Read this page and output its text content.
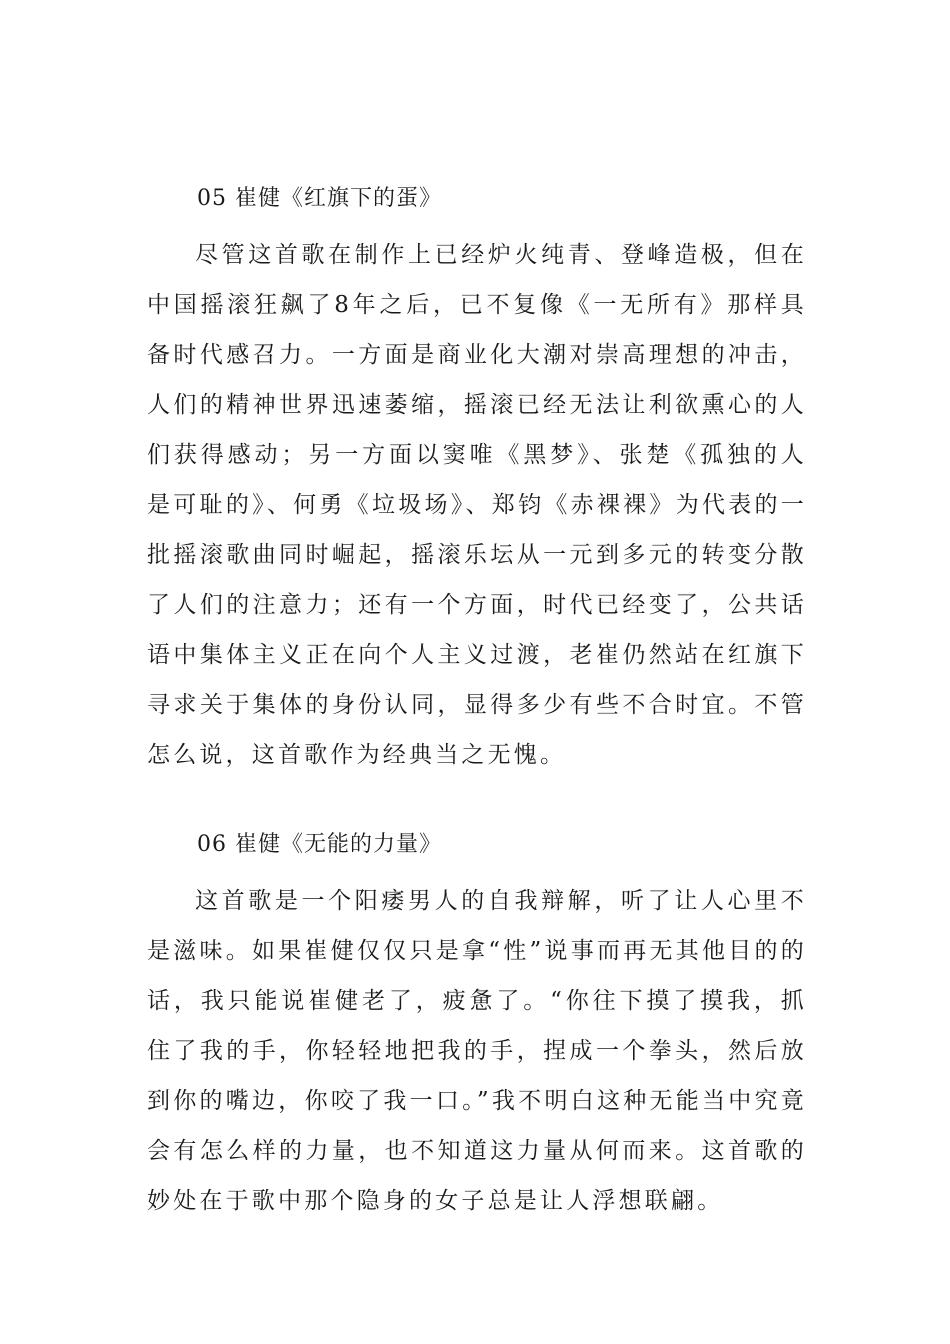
05 崔健《红旗下的蛋》

尽管这首歌在制作上已经炉火纯青、登峰造极，但在中国摇滚狂飙了8年之后，已不复像《一无所有》那样具备时代感召力。一方面是商业化大潮对崇高理想的冲击，人们的精神世界迅速萎缩，摇滚已经无法让利欲熏心的人们获得感动；另一方面以窦唯《黑梦》、张楚《孤独的人是可耻的》、何勇《垃圾场》、郑钧《赤裸裸》为代表的一批摇滚歌曲同时崛起，摇滚乐坛从一元到多元的转变分散了人们的注意力；还有一个方面，时代已经变了，公共话语中集体主义正在向个人主义过渡，老崔仍然站在红旗下寻求关于集体的身份认同，显得多少有些不合时宜。不管怎么说，这首歌作为经典当之无愧。

06 崔健《无能的力量》

这首歌是一个阳痿男人的自我辩解，听了让人心里不是滋味。如果崔健仅仅只是拿“性”说事而再无其他目的的话，我只能说崔健老了，疲惫了。“你往下摸了摸我，抓住了我的手，你轻轻地把我的手，捏成一个拳头，然后放到你的嘴边，你咬了我一口。”我不明白这种无能当中究竟会有怎么样的力量，也不知道这力量从何而来。这首歌的妙处在于歌中那个隐身的女子总是让人浮想联翩。
